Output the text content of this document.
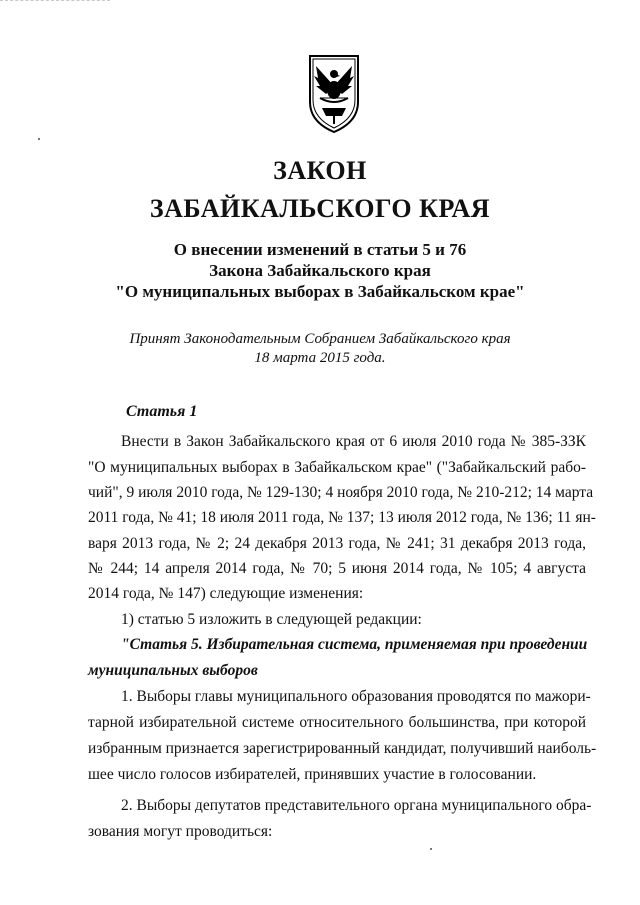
ЗАКОН
ЗАБАЙКАЛЬСКОГО КРАЯ

О внесении изменений в статьи 5 и 76

Закона Забайкальского края

"О муниципальных выборах в Забайкальском крае"

Принят Законодательным Собранием Забайкальского края

18 марта 2015 года.

Статья 1

Внести в Закон Забайкальского края от 6 июля 2010 года № 385-ЗЗК

"О муниципальных выборах в Забайкальском крае" ("Забайкальский рабо-

чий", 9 июля 2010 года, № 129-130; 4 ноября 2010 года, № 210-212; 14 марта

2011 года, № 41; 18 июля 2011 года, № 137; 13 июля 2012 года, № 136; 11 ян-

варя 2013 года, № 2; 24 декабря 2013 года, № 241; 31 декабря 2013 года,

№ 244; 14 апреля 2014 года, № 70; 5 июня 2014 года, № 105; 4 августа

2014 года, № 147) следующие изменения:

1) статью 5 изложить в следующей редакции:

"Статья 5. Избирательная система, применяемая при проведении

муниципальных выборов

1. Выборы главы муниципального образования проводятся по мажори-

тарной избирательной системе относительного большинства, при которой

избранным признается зарегистрированный кандидат, получивший наиболь-

шее число голосов избирателей, принявших участие в голосовании.

2. Выборы депутатов представительного органа муниципального обра-

зования могут проводиться:
